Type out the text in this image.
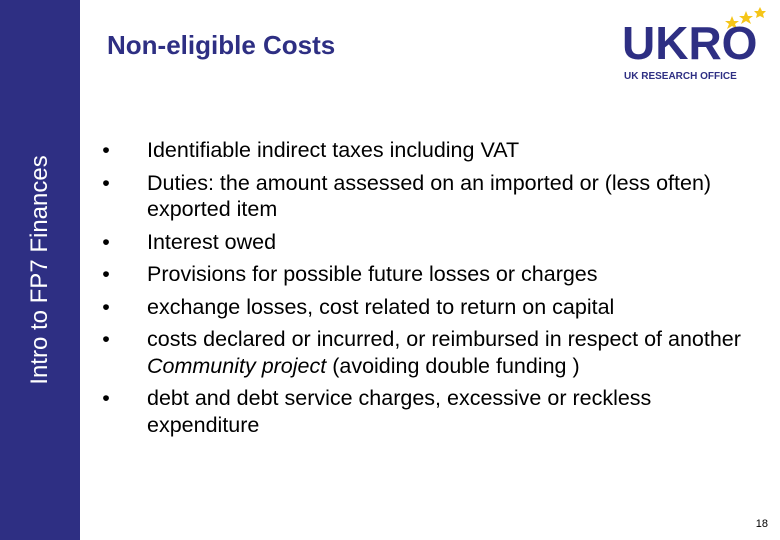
Intro to FP7 Finances
Non-eligible Costs	UKRO
UK RESEARCH OFFICE
• Identifiable indirect taxes including VAT
• Duties: the amount assessed on an imported or (less often) exported item
• Interest owed
• Provisions for possible future losses or charges
• exchange losses, cost related to return on capital
• costs declared or incurred, or reimbursed in respect of another Community project (avoiding double funding )
• debt and debt service charges, excessive or reckless expenditure
18
